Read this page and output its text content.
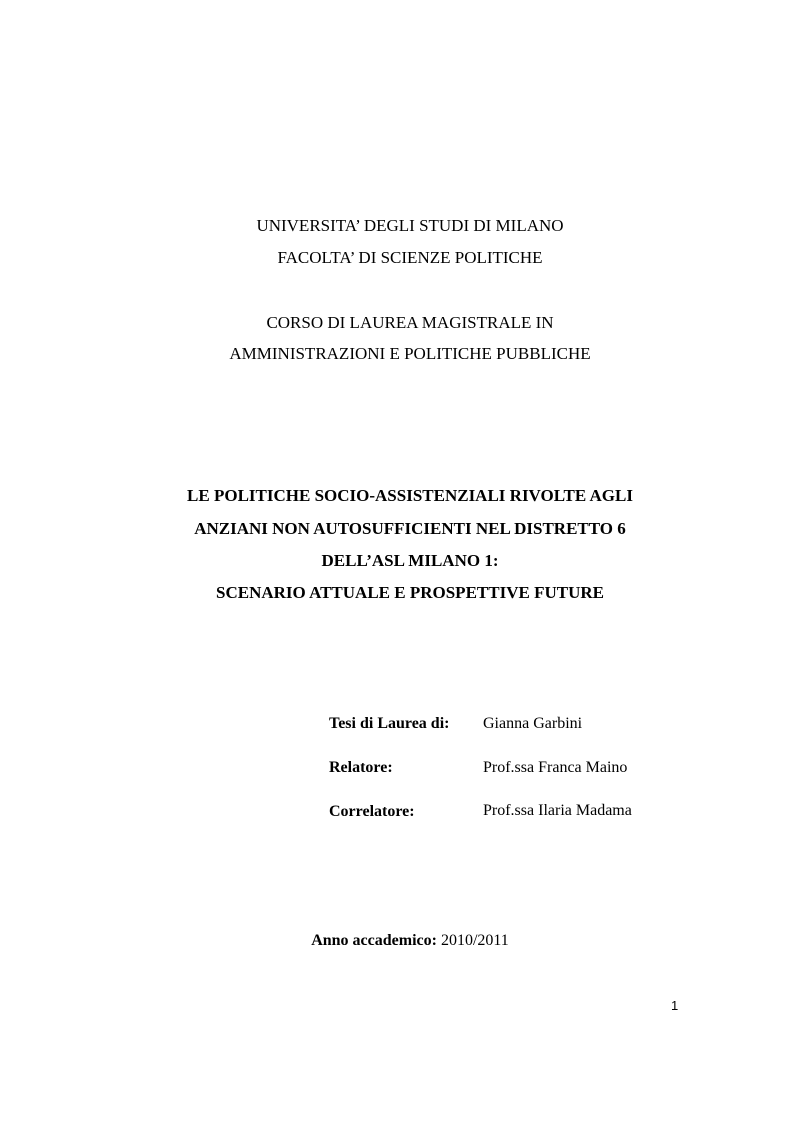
UNIVERSITA’ DEGLI STUDI DI MILANO
FACOLTA’ DI SCIENZE POLITICHE
CORSO DI LAUREA MAGISTRALE IN
AMMINISTRAZIONI E POLITICHE PUBBLICHE
LE POLITICHE SOCIO-ASSISTENZIALI RIVOLTE AGLI
ANZIANI NON AUTOSUFFICIENTI NEL DISTRETTO 6
DELL’ASL MILANO 1:
SCENARIO ATTUALE E PROSPETTIVE FUTURE
Tesi di Laurea di: Gianna Garbini
Relatore:	Prof.ssa Franca Maino
Correlatore:	Prof.ssa Ilaria Madama
Anno accademico: 2010/2011
1
